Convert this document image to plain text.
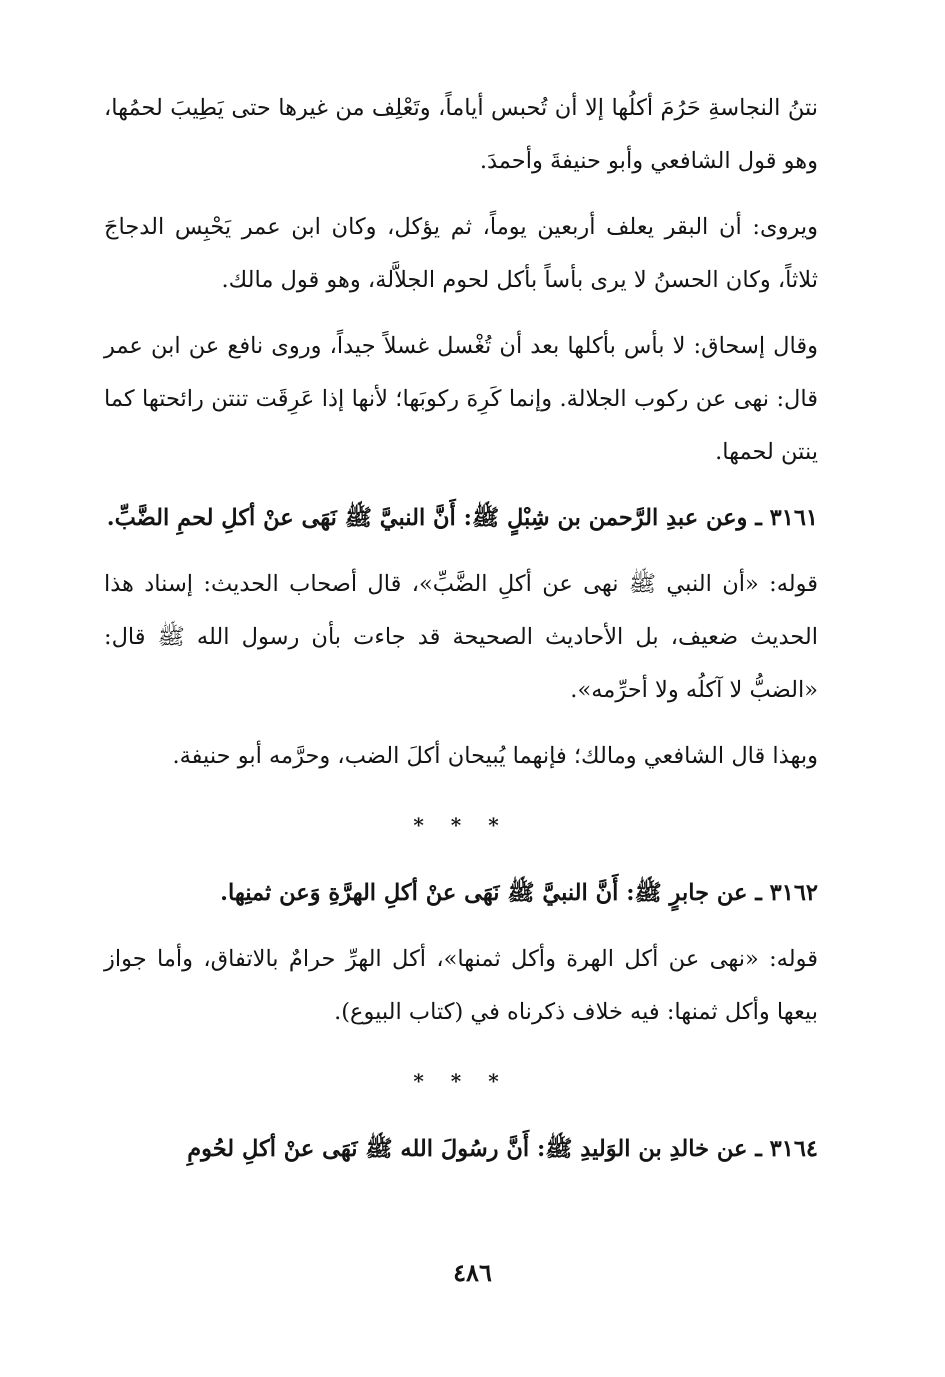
نتنُ النجاسةِ حَرُمَ أكلُها إلا أن تُحبس أياماً، وتَعْلِف من غيرها حتى يَطِيبَ لحمُها، وهو قول الشافعي وأبو حنيفةَ وأحمدَ.

ويروى: أن البقر يعلف أربعين يوماً، ثم يؤكل، وكان ابن عمر يَحْبِس الدجاجَ ثلاثاً، وكان الحسنُ لا يرى بأساً بأكل لحوم الجلاَّلة، وهو قول مالك.

وقال إسحاق: لا بأس بأكلها بعد أن تُغْسل غسلاً جيداً، وروى نافع عن ابن عمر قال: نهى عن ركوب الجلالة. وإنما كَرِهَ ركوبَها؛ لأنها إذا عَرِقَت تنتن رائحتها كما ينتن لحمها.

٣١٦١ ـ وعن عبدِ الرَّحمن بن شِبْلٍ ﷺ: أَنَّ النبيَّ ﷺ نَهَى عنْ أكلِ لحمِ الضَّبِّ.

قوله: «أن النبي ﷺ نهى عن أكلِ الضَّبِّ»، قال أصحاب الحديث: إسناد هذا الحديث ضعيف، بل الأحاديث الصحيحة قد جاءت بأن رسول الله ﷺ قال: «الضبُّ لا آكلُه ولا أحرِّمه».

وبهذا قال الشافعي ومالك؛ فإنهما يُبيحان أكلَ الضب، وحرَّمه أبو حنيفة.

* * *

٣١٦٢ ـ عن جابرٍ ﷺ: أَنَّ النبيَّ ﷺ نَهَى عنْ أكلِ الهرَّةِ وَعن ثمنِها.

قوله: «نهى عن أكل الهرة وأكل ثمنها»، أكل الهرِّ حرامٌ بالاتفاق، وأما جواز بيعها وأكل ثمنها: فيه خلاف ذكرناه في (كتاب البيوع).

* * *

٣١٦٤ ـ عن خالدِ بن الوَليدِ ﷺ: أَنَّ رسُولَ الله ﷺ نَهَى عنْ أكلِ لحُومِ

٤٨٦
